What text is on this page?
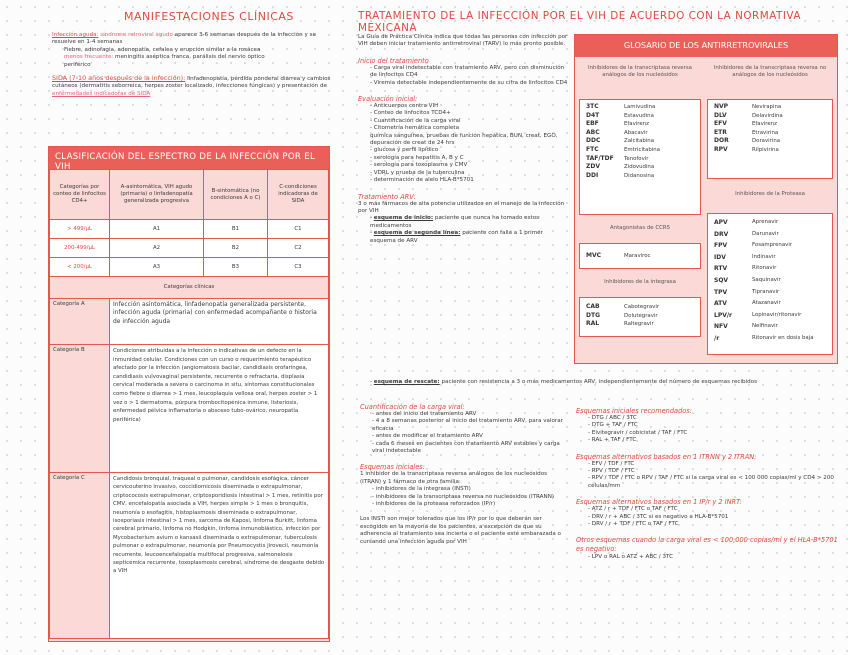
MANIFESTACIONES CLÍNICAS
Infección aguda: síndrome retroviral agudo aparece 3-6 semanas después de la infección y se resuelve en 1-4 semanas
Fiebre, adinofagia, adenopatía, cefalea y erupción similar a la rosácea
menos frecuente: meningitis aséptica franca, parálisis del nervio óptico
periférico
SIDA (7-10 años después de la infección): linfadenopatía, pérdida ponderal diarrea y cambios cutáneos (dermatitis seborreica, herpes zoster localizado, infecciones fúngicas) y presentación de enfermedades indicadoras de SIDA
CLASIFICACIÓN DEL ESPECTRO DE LA INFECCIÓN POR EL VIH
Categorías por conteo de linfocitos CD4+	A-asintomática, VIH agudo (primaria) o linfadenopatía generalizada progresiva	B-sintomática (no condiciones A o C)	C-condiciones indicadoras de SIDA
> 499/µL	A1	B1	C1
200-499/µL	A2	B2	C2
< 200/µL	A3	B3	C3
Categorías clínicas			
Categoría A	Infección asintomática, linfadenopatía generalizada persistente, infección aguda (primaria) con enfermedad acompañante o historia de infección aguda		
Categoría B	Condiciones atribuidas a la infección o indicativas de un defecto en la inmunidad celular. Condiciones con un curso o requerimiento terapéutico afectado por la infección (angiomatosis bacilar, candidiasis orofaríngea, candidiasis vulvovaginal persistente, recurrente o refractaria, displasia cervical moderada a severa o carcinoma in situ, síntomas constitucionales como fiebre o diarrea > 1 mes, leucoplaquia vellosa oral, herpes zoster > 1 vez o > 1 dermatoma, púrpura trombocitopénica inmune, listeriosis, enfermedad pélvica inflamatoria o absceso tubo-ovárico, neuropatía periférica)		
Categoría C	Candidosis bronquial, traqueal o pulmonar, candidosis esofágica, cáncer cervicouterino invasivo, coccidiomicosis diseminada o extrapulmonar, criptococosis extrapulmonar, criptosporidiosis intestinal > 1 mes, retinitis por CMV, encefalopatía asociada a VIH, herpes simple > 1 mes o bronquitis, neumonía o esofagitis, histoplasmosis diseminada o extrapulmonar, isosporiasis intestinal > 1 mes, sarcoma de Kaposi, linfoma Burkitt, linfoma cerebral primario, linfoma no Hodgkin, linfoma inmunoblástico, infección por Mycobacterium avium o kansasii diseminada o extrapulmonar, tuberculosis pulmonar o extrapulmonar, neumonía por Pneumocystis jirovecii, neumonía recurrente, leucoencefalopatía multifocal progresiva, salmonelosis septicémica recurrente, toxoplasmosis cerebral, síndrome de desgaste debido a VIH		
TRATAMIENTO DE LA INFECCIÓN POR EL VIH DE ACUERDO CON LA NORMATIVA MEXICANA
La Guía de Práctica Clínica indica que todas las personas con infección por VIH deben iniciar tratamiento antirretroviral (TARV) lo más pronto posible.
Inicio del tratamiento
- Carga viral indetectable con tratamiento ARV, pero con disminución de linfocitos CD4
- Viremia detectable independientemente de su cifra de linfocitos CD4
Evaluación inicial:
- Anticuerpos contra VIH
- Conteo de linfocitos TCD4+
- Cuantificación de la carga viral
- Citometría hemática completa
química sanguínea, pruebas de función hepática, BUN, creat, EGO, depuración de creat de 24 hrs
- glucosa y perfil lipídico
- serología para hepatitis A, B y C
- serología para toxoplasma y CMV
- VDRL y prueba de la tuberculina
- determinación de alelo HLA-B*5701
Tratamiento ARV:
3 o más fármacos de alta potencia utilizados en el manejo de la infección por VIH
- esquema de inicio: paciente que nunca ha tomado estos medicamentos
- esquema de segunda línea: paciente con falla a 1 primer esquema de ARV
- esquema de rescate: paciente con resistencia a 3 o más medicamentos ARV, independientemente del número de esquemas recibidos
Cuantificación de la carga viral:
- antes del inicio del tratamiento ARV
- 4 a 8 semanas posterior al inicio del tratamiento ARV, para valorar eficacia
- antes de modificar el tratamiento ARV
- cada 6 meses en pacientes con tratamiento ARV estables y carga viral indetectable
Esquemas iniciales:
1 inhibidor de la transcriptasa reversa análogos de los nucleósidos (ITRAN) y 1 fármaco de otra familia:
- inhibidores de la integrasa (INSTI)
- inhibidores de la transcriptasa reversa no nucleósidos (ITRANN)
- inhibidores de la proteasa reforzados (IP/r)
Los INSTI son mejor tolerados que los IP/r por lo que deberán ser escogidos en la mayoría de los pacientes, a excepción de que su adherencia al tratamiento sea incierta o el paciente esté embarazada o cursando una infección aguda por VIH
Esquemas iniciales recomendados:
- DTG / ABC / 3TC
- DTG + TAF / FTC
- Elvitegravir / cobicistat / TAF / FTC
- RAL + TAF / FTC
Esquemas alternativos basados en 1 ITRNN y 2 ITRAN:
- EFV / TDF / FTC
- RPV / TDF / FTC
- RPV / TDF / FTC o RPV / TAF / FTC si la carga viral es < 100 000 copias/ml y CD4 > 200 células/mm
Esquemas alternativos basados en 1 IP/r y 2 INRT:
- ATZ / r + TDF / FTC o TAF / FTC
- DRV / r + ABC / 3TC si es negativo a HLA-B*5701
- DRV / r + TDF / FTC o TAF / FTC
Otros esquemas cuando la carga viral es < 100,000 copias/ml y el HLA-B*5701 es negativo:
- LPV o RAL o ATZ + ABC / 3TC
GLOSARIO DE LOS ANTIRRETROVIRALES
Inhibidores de la transcriptasa reversa análogos de los nucleósidos
3TC	Lamivudina
D4T	Estavudina
EBF	Efavirenz
ABC	Abacavir
DDC	Zalcitabina
FTC	Emtricitabina
TAF/TDF	Tenofovir
ZDV	Zidovudina
DDI	Didanosina
Antagonistas de CCR5
MVC	Maraviroc
Inhibidores de la integrasa
CAB	Cabotegravir
DTG	Dolutegravir
RAL	Raltegravir
Inhibidores de la transcriptasa reversa no análogos de los nucleósidos
NVP	Nevirapina
DLV	Delavirdina
EFV	Efavirenz
ETR	Etravirina
DOR	Doravirina
RPV	Rilpivirina
Inhibidores de la Proteasa
APV	Aprenavir
DRV	Darunavir
FPV	Fosamprenavir
IDV	Indinavir
RTV	Ritonavir
SQV	Saquinavir
TPV	Tipranavir
ATV	Atazanavir
LPV/r	Lopinavir/ritonavir
NFV	Nelfinavir
/r	Ritonavir en dosis baja
